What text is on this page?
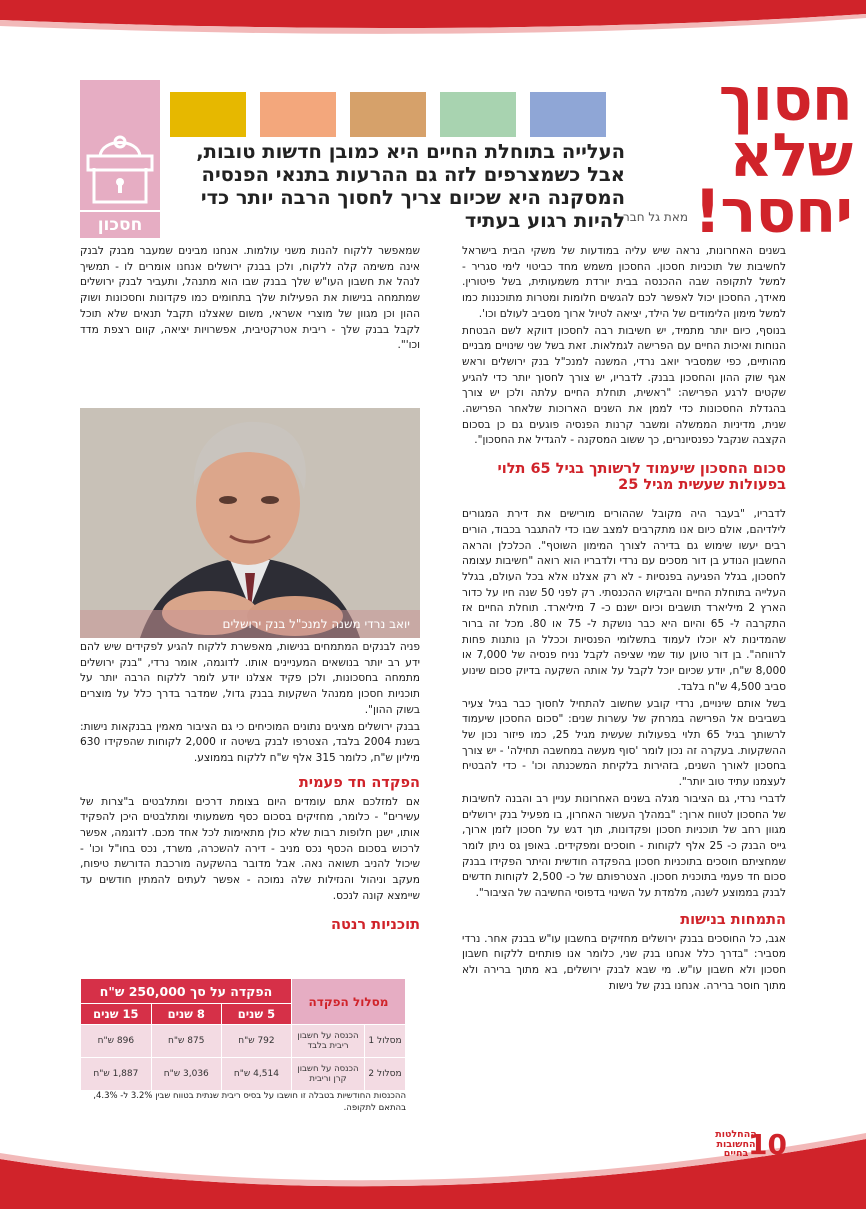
חסכון
חסוך
שלא
יחסר!
מאת גל חבר
העלייה בתוחלת החיים היא כמובן חדשות טובות, אבל כשמצרפים לזה גם ההרעות בתנאי הפנסיה המסקנה היא שכיום צריך לחסוך הרבה יותר כדי להיות רגוע בעתיד

בשנים האחרונות, נראה שיש עליה במודעות של משקי הבית בישראל לחשיבות של תוכניות חסכון. החסכון משמש מחד כביטוי לימי סגריר - למשל לתקופה שבה ההכנסה בבית יורדת משמעותית, בשל פיטורין. מאידך, החסכון יכול לאפשר לכם להגשים חלומות ומטרות מתוכננות כמו למשל מימון הלימודים של הילד, יציאה לטיול ארוך מסביב לעולם וכו'.

בנוסף, כיום יותר מתמיד, יש חשיבות רבה לחסכון דווקא לשם הבטחת הנוחות ואיכות החיים עם הפרישה לגמלאות. זאת בשל שני שינויים מבניים מהותיים, כפי שמסביר יואב נרדי, המשנה למנכ"ל בנק ירושלים וראש אגף שוק ההון והחסכון בבנק. לדבריו, יש צורך לחסוך יותר כדי להגיע שקטים לרגע הפרישה: "ראשית, תוחלת החיים עלתה ולכן יש צורך בהגדלת החסכונות כדי לממן את השנים הארוכות שלאחר הפרישה. שנית, מדיניות הממשלה ומשבר קרנות הפנסיה פוגעים גם כן בסכום הקצבה שנקבל כפנסיונרים, כך ששוב המסקנה - להגדיל את החסכון".

סכום החסכון שיעמוד לרשותך בגיל 65 תלוי בפעולות שעשית מגיל 25

לדבריו, "בעבר היה מקובל שההורים מורישים את דירת המגורים לילדיהם, אולם כיום אנו מתקרבים למצב שבו כדי להתגבר בכבוד, הורים רבים יעשו שימוש גם בדירה לצורך המימון השוטף". הכלכלן והראה החשבון הנודע בן דור מסכים עם נרדי ולדבריו הוא רואה "חשיבות עצומה לחסכון, בגלל הפגיעה בפנסיות - לא רק אצלנו אלא בכל העולם, בגלל העלייה בתוחלת החיים והביקוש ההכנסתי. רק לפני 50 שנה חיו על כדור הארץ 2 מיליארד תושבים וכיום ישנם כ- 7 מיליארד. תוחלת החיים אז התקרבה ל- 65 והיום היא כבר נושקת ל- 75 או 80. מכל זה ברור שהמדינות לא יוכלו לעמוד בתשלומי הפנסיות וככלל הן נותנות פחות לרווחה". בן דור טוען עוד שמי שציפה לקבל נניח פנסיה של 7,000 או 8,000 ש"ח, יודע שכיום יוכל לקבל על אותה השקעה בדיוק סכום שינוע סביב 4,500 ש"ח בלבד.

בשל אותם שינויים, נרדי קובע שחשוב להתחיל לחסוך כבר בגיל צעיר בשביבים אל הפרישה במרחק של עשרות שנים: "סכום החסכון שיעמוד לרשותך בגיל 65 תלוי בפעולות שעשית מגיל 25, כמו פיזור נכון של ההשקעות. בעקרה זה נכון לומר 'סוף מעשה במחשבה תחילה' - יש צורך בחסכון לאורך השנים, בזהירות בלקיחת המשכנתה וכו' - כדי להבטיח לעצמנו עתיד טוב יותר".

לדברי נרדי, גם הציבור מגלה בשנים האחרונות עניין רב והבנה לחשיבות של החסכון לטווח ארוך: "במהלך העשור האחרון, בו מפעיל בנק ירושלים מגוון רחב של תוכניות חסכון ופקדונות, תוך דגש על חסכון לזמן ארוך, גייס הבנק כ- 25 אלף לקוחות - חוסכים ומפקידים. באופן גס ניתן לומר שמחציתם חוסכים בתוכניות חסכון בהפקדה חודשית והיתר הפקידו בבנק סכום חד פעמי בתוכנית חסכון. הצטרפותם של כ- 2,500 לקוחות חדשים לבנק בממוצע לשנה, מלמדת על השינוי בדפוסי החשיבה של הציבור".

התמחות בנישות

אגב, כל החוסכים בבנק ירושלים מחזיקים בחשבון עו"ש בבנק אחר. נרדי מסביר: "בדרך כלל אנחנו בנק שני, כלומר אנו פותחים ללקוח חשבון חסכון ולא חשבון עו"ש. מי שבא לבנק ירושלים, בא מתוך ברירה ולא מתוך חוסר ברירה. אנחנו בנק של נישות

שמאפשר ללקוח להנות משני עולמות. אנחנו מבינים שמעבר מבנק לבנק אינה משימה קלה ללקוח, ולכן בבנק ירושלים אנחנו אומרים לו - תמשיך לנהל את חשבון העו"ש שלך בבנק שבו הוא מתנהל, ותעביר לבנק ירושלים שמתמחה בנישות את הפעילות שלך בתחומים כמו פקדונות וחסכונות ושוק ההון וכן מגוון של מוצרי אשראי, משום שאצלנו תקבל תנאים שלא תוכל לקבל בבנק שלך - ריבית אטרקטיבית, אפשרויות יציאה, קוום רצפת מדד וכו'".

יואב נרדי משנה למנכ"ל בנק ירושלים

פניה לבנקים המתמחים בנישות, מאפשרת ללקוח להגיע לפקידים שיש להם ידע רב יותר בנושאים המעניינים אותו. לדוגמה, אומר נרדי, "בנק ירושלים מתמחה בחסכונות, ולכן פקיד אצלנו יודע לומר ללקוח הרבה יותר על תוכניות חסכון ממנהל השקעות בבנק גדול, שמדבר בדרך כלל על מוצרים בשוק ההון".

בבנק ירושלים מציגים נתונים המוכיחים כי גם הציבור מאמין בבנקאות נישות: בשנת 2004 בלבד, הצטרפו לבנק בשיטה זו 2,000 לקוחות שהפקידו 630 מיליון ש"ח, כלומר 315 אלף ש"ח ללקוח בממוצע.

הפקדה חד פעמית

אם למזלכם אתם עומדים היום בצומת דרכים ומתלבטים ב"צרות של עשירים" - כלומר, מחזיקים בסכום כסף משמעותי ומתלבטים היכן להפקיד אותו, ישנן חלופות רבות שלא כולן מתאימות לכל אחד מכם. לדוגמה, אפשר לרכוש בסכום הכסף נכס מניב - דירה להשכרה, משרד, נכס בחו"ל וכו' - שיכול להניב תשואה נאה. אבל מדובר בהשקעה מורכבת הדורשת טיפוח, מעקב וניהול והנזילות שלה נמוכה - אפשר לעתים להמתין חודשים עד שיימצא קונה לנכס.

תוכניות רנטה
מסלול הפקדה		הפקדה על סך 250,000 ש"ח		
		5 שנים	8 שנים	15 שנים
מסלול 1	הכנסה על חשבון ריבית בלבד	792 ש"ח	875 ש"ח	896 ש"ח
מסלול 2	הכנסה על חשבון קרן וריבית	4,514 ש"ח	3,036 ש"ח	1,887 ש"ח
ההכנסות החודשיות בטבלה זו חושבו על בסיס ריבית שנתית בטווח שבין 3.2% ל- 4.3%, בהתאם לתקופה.
10
ההחלטות החשובות בחיים
